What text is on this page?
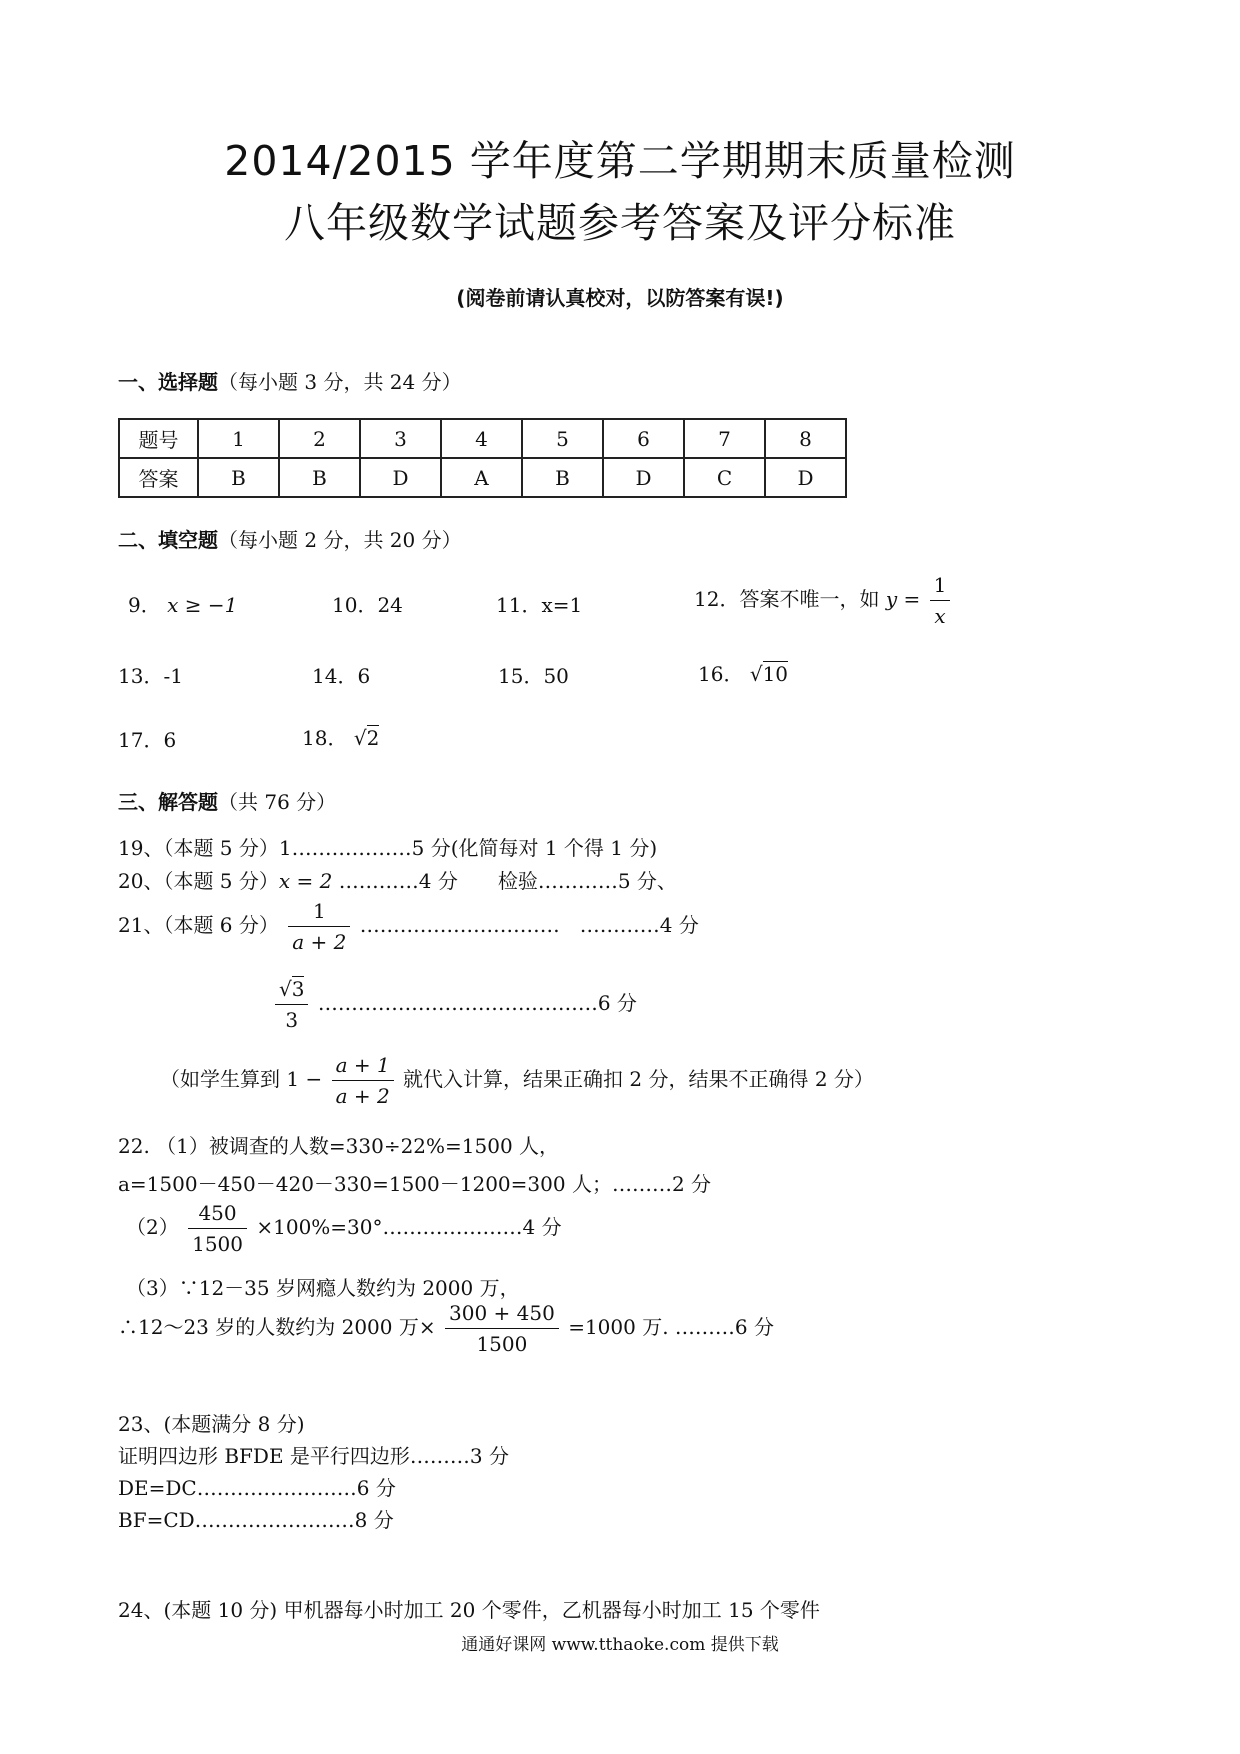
2014/2015 学年度第二学期期末质量检测
八年级数学试题参考答案及评分标准
(阅卷前请认真校对，以防答案有误!)
一、选择题（每小题 3 分，共 24 分）
题号	1	2	3	4	5	6	7	8
答案	B	B	D	A	B	D	C	D
二、填空题（每小题 2 分，共 20 分）
9． x ≥ −1	10．24	11．x=1	12．答案不唯一，如 $y = \frac{1}{x}$
13．-1	14．6	15．50	16． √10
17．6	18． √2
三、解答题（共 76 分）
19、（本题 5 分）1………………5 分(化简每对 1 个得 1 分)
20、（本题 5 分）x = 2 …………4 分　　检验…………5 分、
21、（本题 6 分） $\frac{1}{a + 2}$ …………………………　…………4 分
$\frac{√3}{3}$ ……………………………………6 分
（如学生算到 $1 - \frac{a + 1}{a + 2}$ 就代入计算，结果正确扣 2 分，结果不正确得 2 分）
22. （1）被调查的人数=330÷22%=1500 人，
a=1500－450－420－330=1500－1200=300 人；………2 分
$(2) \frac{450}{1500}$ ×100%=30°…………………4 分
（3）∵12－35 岁网瘾人数约为 2000 万，
∴12～23 岁的人数约为 2000 万× $\frac{300 + 450}{1500} =1000$ 万. ………6 分
23、(本题满分 8 分)
证明四边形 BFDE 是平行四边形………3 分
DE=DC……………………6 分
BF=CD……………………8 分
24、(本题 10 分) 甲机器每小时加工 20 个零件，乙机器每小时加工 15 个零件
通通好课网 www.tthaoke.com 提供下载
